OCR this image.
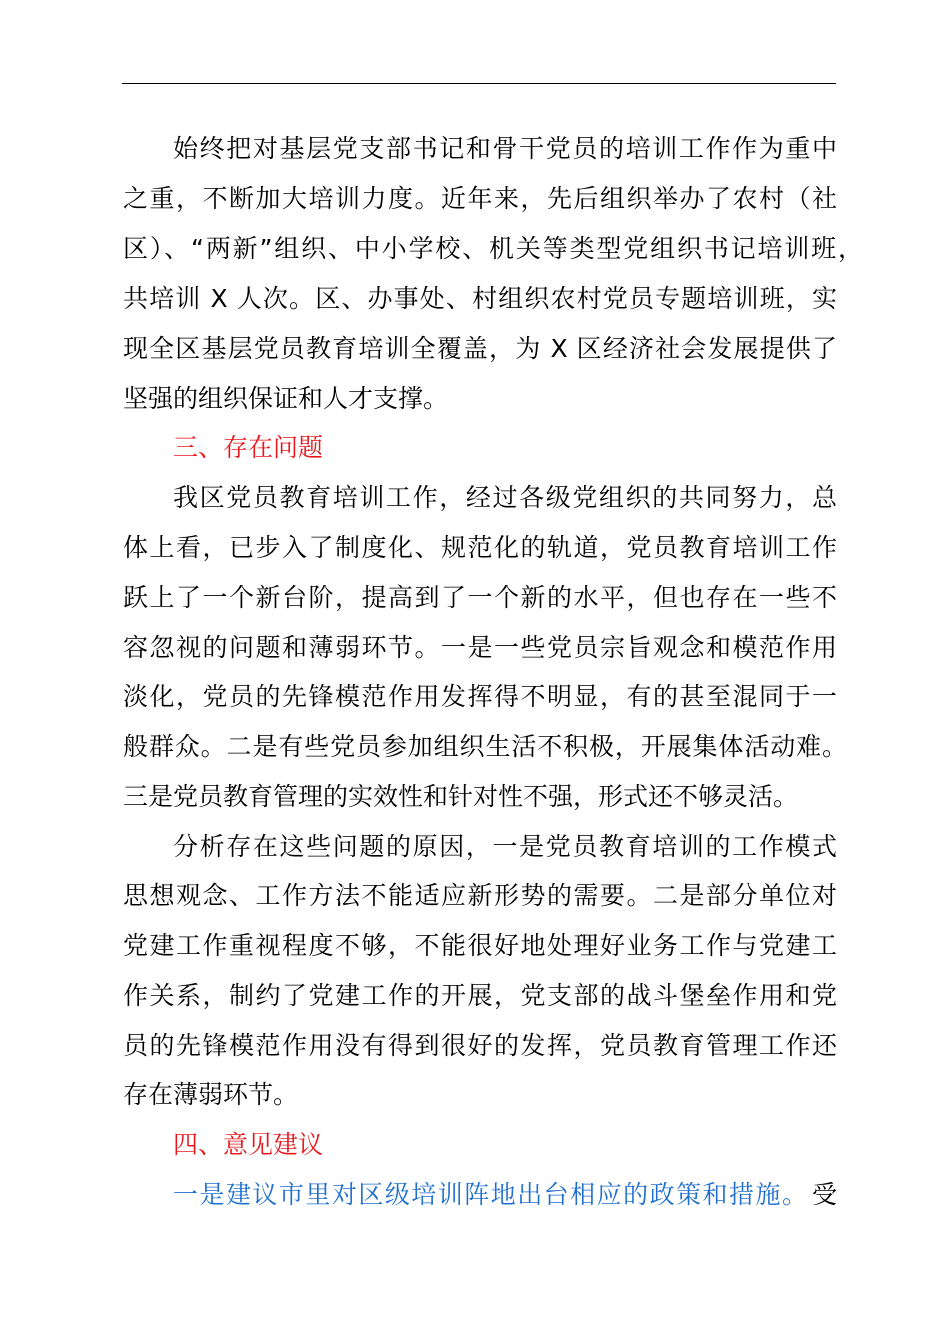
始终把对基层党支部书记和骨干党员的培训工作作为重中
之重，不断加大培训力度。近年来，先后组织举办了农村（社
区）、“两新”组织、中小学校、机关等类型党组织书记培训班，
共培训 X 人次。区、办事处、村组织农村党员专题培训班，实
现全区基层党员教育培训全覆盖，为 X 区经济社会发展提供了
坚强的组织保证和人才支撑。
三、存在问题
我区党员教育培训工作，经过各级党组织的共同努力，总
体上看，已步入了制度化、规范化的轨道，党员教育培训工作
跃上了一个新台阶，提高到了一个新的水平，但也存在一些不
容忽视的问题和薄弱环节。一是一些党员宗旨观念和模范作用
淡化，党员的先锋模范作用发挥得不明显，有的甚至混同于一
般群众。二是有些党员参加组织生活不积极，开展集体活动难。
三是党员教育管理的实效性和针对性不强，形式还不够灵活。
分析存在这些问题的原因，一是党员教育培训的工作模式
思想观念、工作方法不能适应新形势的需要。二是部分单位对
党建工作重视程度不够，不能很好地处理好业务工作与党建工
作关系，制约了党建工作的开展，党支部的战斗堡垒作用和党
员的先锋模范作用没有得到很好的发挥，党员教育管理工作还
存在薄弱环节。
四、意见建议
一是建议市里对区级培训阵地出台相应的政策和措施。 受
